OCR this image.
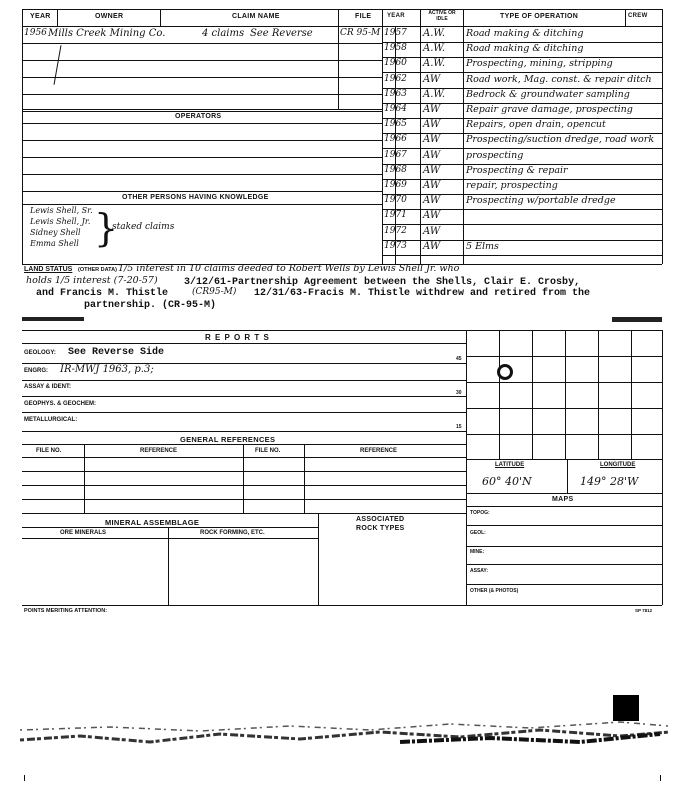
YEAR	OWNER	CLAIM NAME	FILE	YEAR	ACTIVE OR IDLE	TYPE OF OPERATION	CREW
1956 Mills Creek Mining Co.	4 claims See Reverse	CR 95-M
OPERATORS
OTHER PERSONS HAVING KNOWLEDGE
Lewis Shell, Sr.
Lewis Shell, Jr.
Sidney Shell
Emma Shell }
staked claims
1957 A.W. Road making & ditching
1958 A.W. Road making & ditching
1960 A.W. Prospecting, mining, stripping
1962 AW	Road work, Mag. const. & repair ditch
1963 A.W. Bedrock & groundwater sampling
1964 AW	Repair grave damage, prospecting
1965 AW	Repairs, open drain, opencut
1966 AW	Prospecting/suction dredge, road work
1967 AW	prospecting
1968 AW	Prospecting & repair
1969 AW	repair, prospecting
1970 AW	Prospecting w/portable dredge
1971 AW
1972 AW
1973 AW	5 Elms
LAND STATUS (OTHER DATA) 1/5 interest in 10 claims deeded to Robert Wells by Lewis Shell Jr. who
holds 1/5 interest (7-20-57)	3/12/61-Partnership Agreement between the Shells, Clair E. Crosby,
and Francis M. Thistle	(CR95-M) 12/31/63-Fracis M. Thistle withdrew and retired from the
partnership. (CR-95-M)
R E P O R T S
GEOLOGY: See Reverse Side
45
ENGRG: IR-MWJ 1963, p.3;
ASSAY & IDENT:
30
GEOPHYS. & GEOCHEM:
METALLURGICAL:
15
GENERAL REFERENCES
FILE NO.	REFERENCE	FILE NO.	REFERENCE
MINERAL ASSEMBLAGE	ASSOCIATED
ROCK TYPES
ORE MINERALS	ROCK FORMING, ETC.
LATITUDE	LONGITUDE
60° 40'N	149° 28'W
MAPS
TOPOG:
GEOL:
MINE:
ASSAY:
OTHER (& PHOTOS)
POINTS MERITING ATTENTION:	SP 7812
